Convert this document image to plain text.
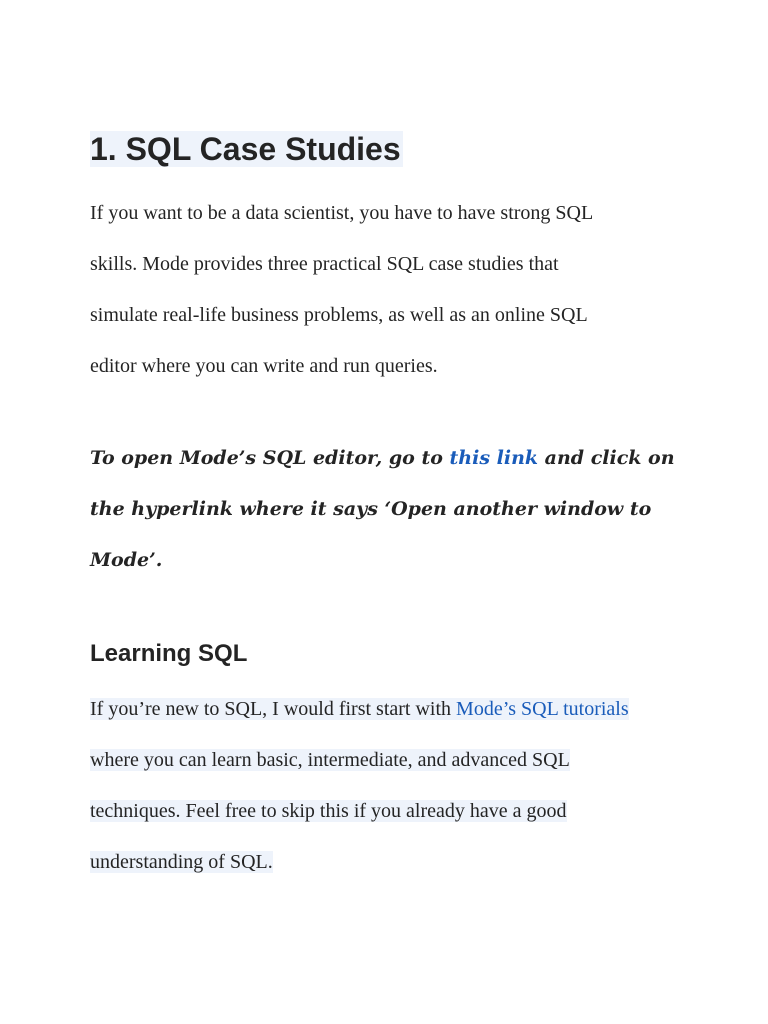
1. SQL Case Studies

If you want to be a data scientist, you have to have strong SQL

skills. Mode provides three practical SQL case studies that

simulate real-life business problems, as well as an online SQL

editor where you can write and run queries.

To open Mode’s SQL editor, go to this link and click on

the hyperlink where it says ‘Open another window to

Mode’.

Learning SQL

If you’re new to SQL, I would first start with Mode’s SQL tutorials

where you can learn basic, intermediate, and advanced SQL

techniques. Feel free to skip this if you already have a good

understanding of SQL.
